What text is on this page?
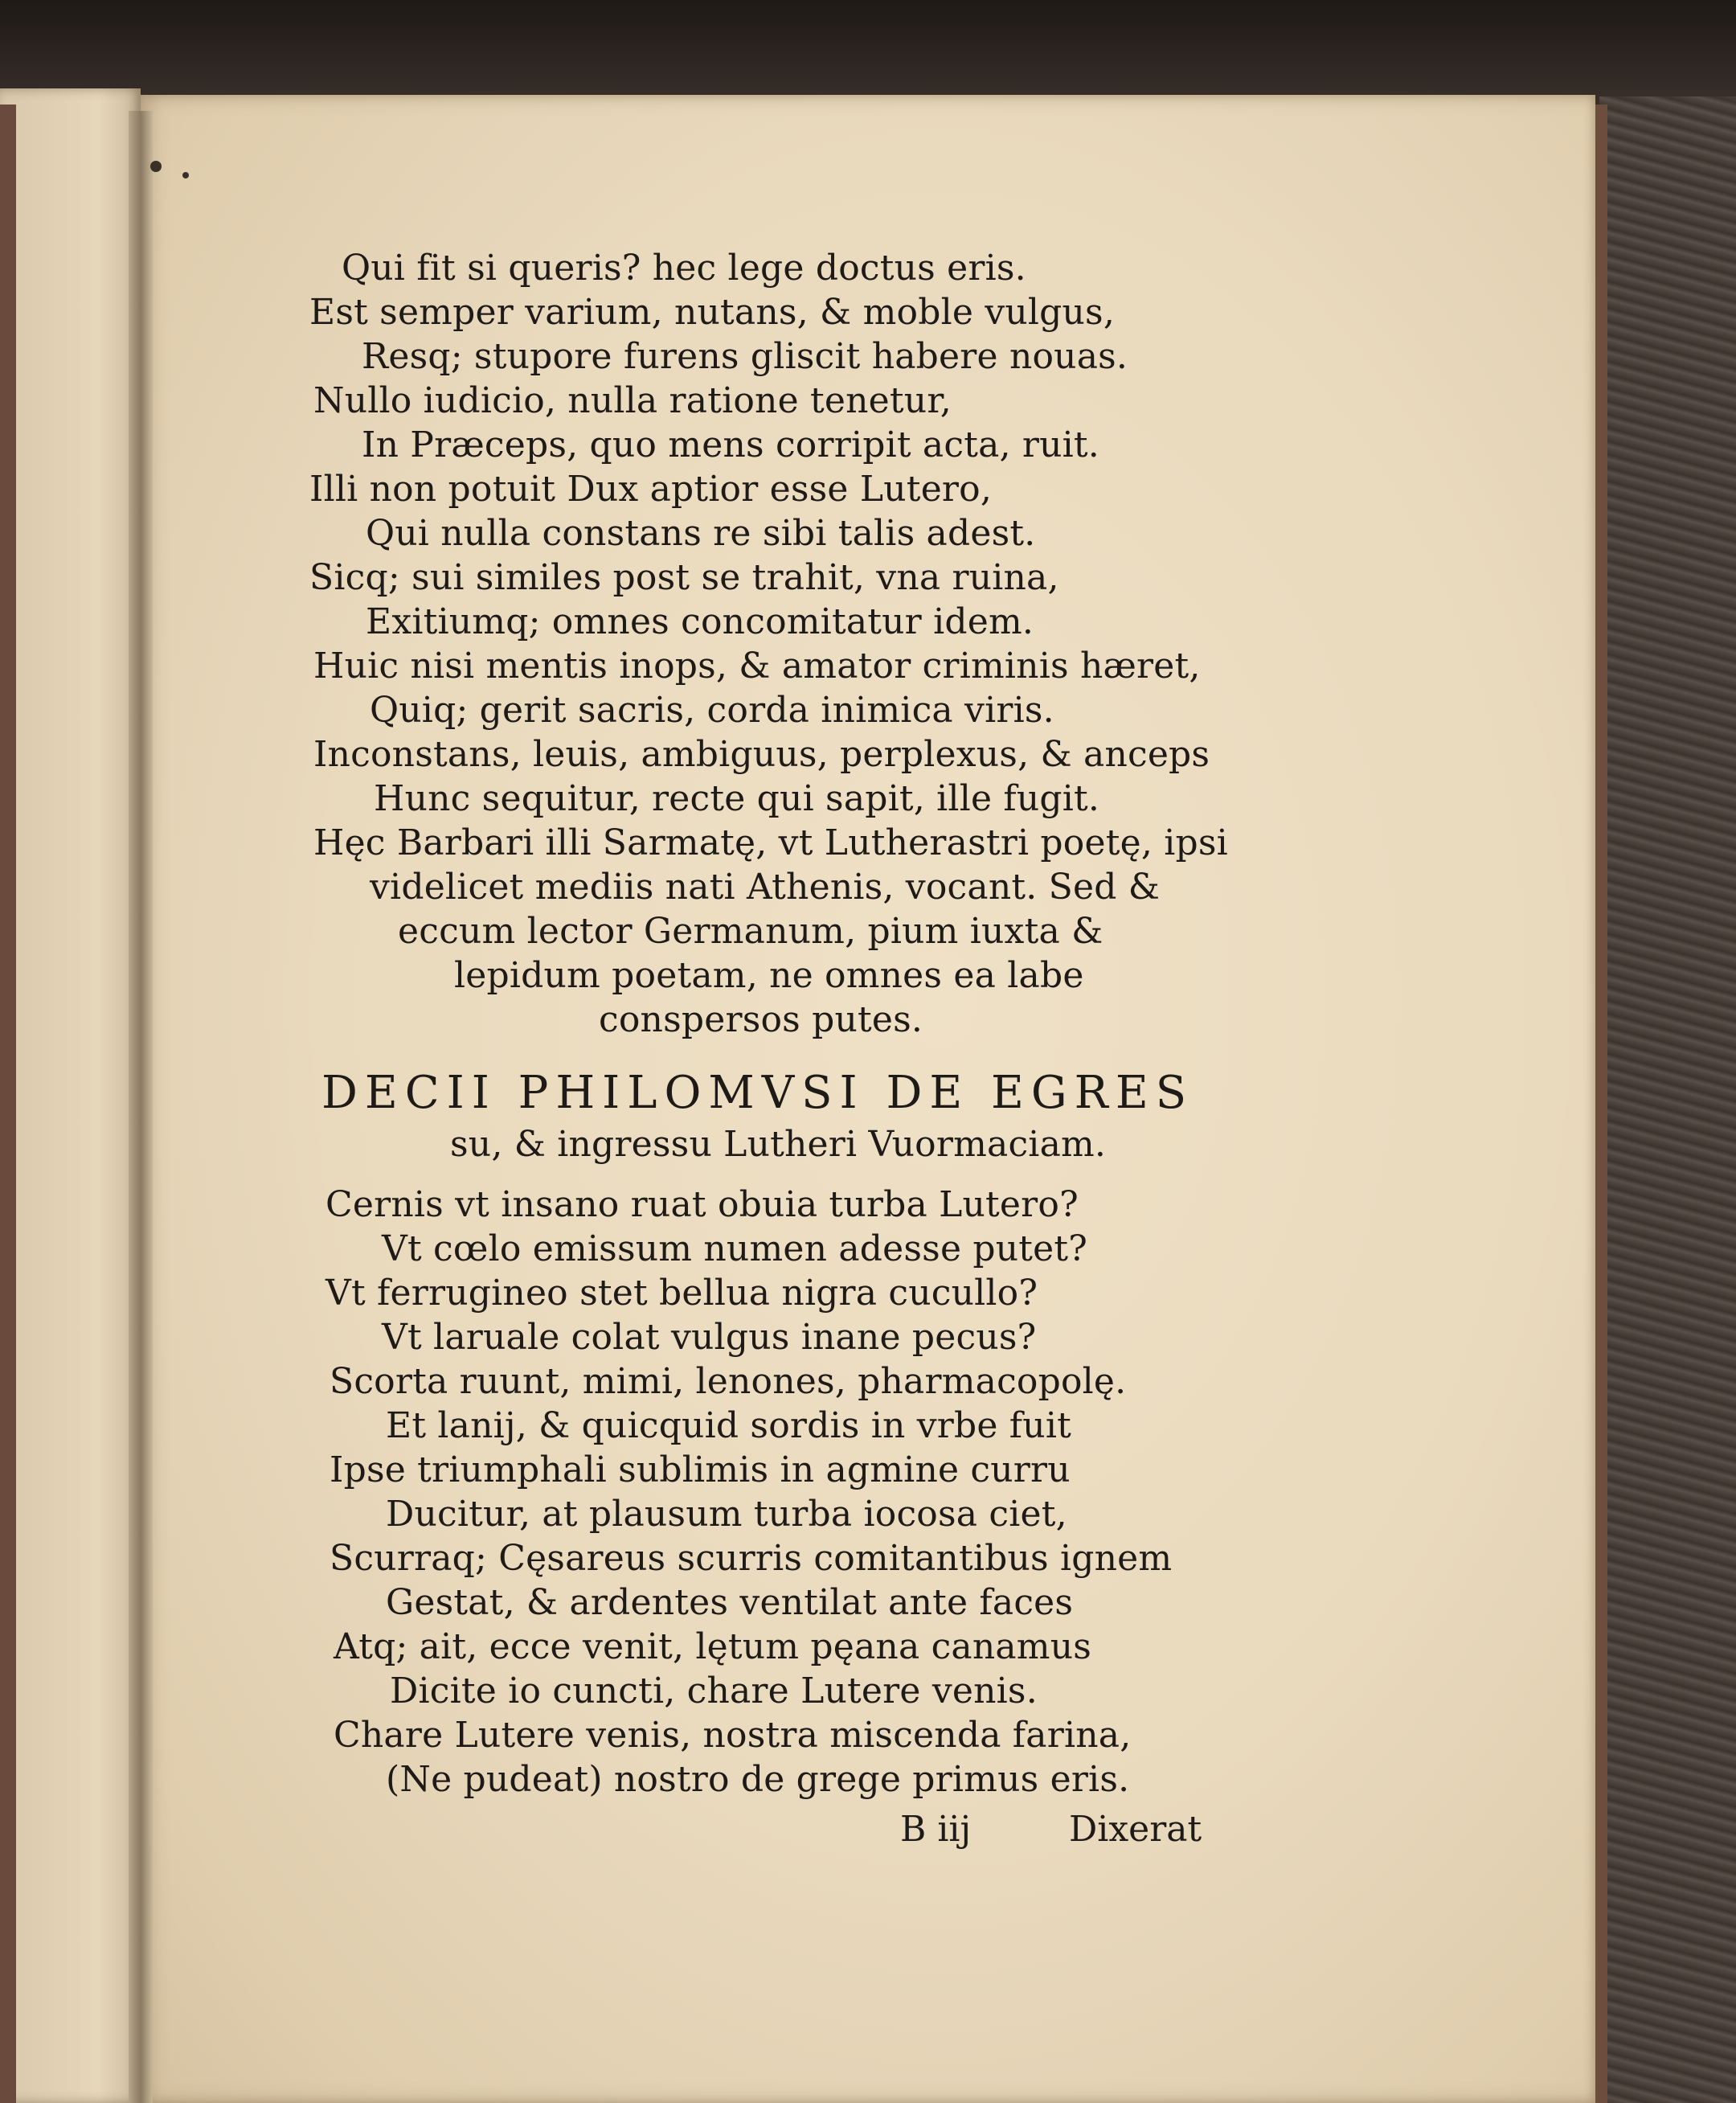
Qui fit si queris? hec lege doctus eris.
Est semper varium, nutans, & moble vulgus,
Resq; stupore furens gliscit habere nouas.
Nullo iudicio, nulla ratione tenetur,
In Præceps, quo mens corripit acta, ruit.
Illi non potuit Dux aptior esse Lutero,
Qui nulla constans re sibi talis adest.
Sicq; sui similes post se trahit, vna ruina,
Exitiumq; omnes concomitatur idem.
Huic nisi mentis inops, & amator criminis hæret,
Quiq; gerit sacris, corda inimica viris.
Inconstans, leuis, ambiguus, perplexus, & anceps
Hunc sequitur, recte qui sapit, ille fugit.
Hęc Barbari illi Sarmatę, vt Lutherastri poetę, ipsi
videlicet mediis nati Athenis, vocant. Sed &
eccum lector Germanum, pium iuxta &
lepidum poetam, ne omnes ea labe
conspersos putes.
DECII PHILOMVSI DE EGRES
su, & ingressu Lutheri Vuormaciam.
Cernis vt insano ruat obuia turba Lutero?
Vt cœlo emissum numen adesse putet?
Vt ferrugineo stet bellua nigra cucullo?
Vt laruale colat vulgus inane pecus?
Scorta ruunt, mimi, lenones, pharmacopolę.
Et lanij, & quicquid sordis in vrbe fuit
Ipse triumphali sublimis in agmine curru
Ducitur, at plausum turba iocosa ciet,
Scurraq; Cęsareus scurris comitantibus ignem
Gestat, & ardentes ventilat ante faces
Atq; ait, ecce venit, lętum pęana canamus
Dicite io cuncti, chare Lutere venis.
Chare Lutere venis, nostra miscenda farina,
(Ne pudeat) nostro de grege primus eris.
B iij	Dixerat
